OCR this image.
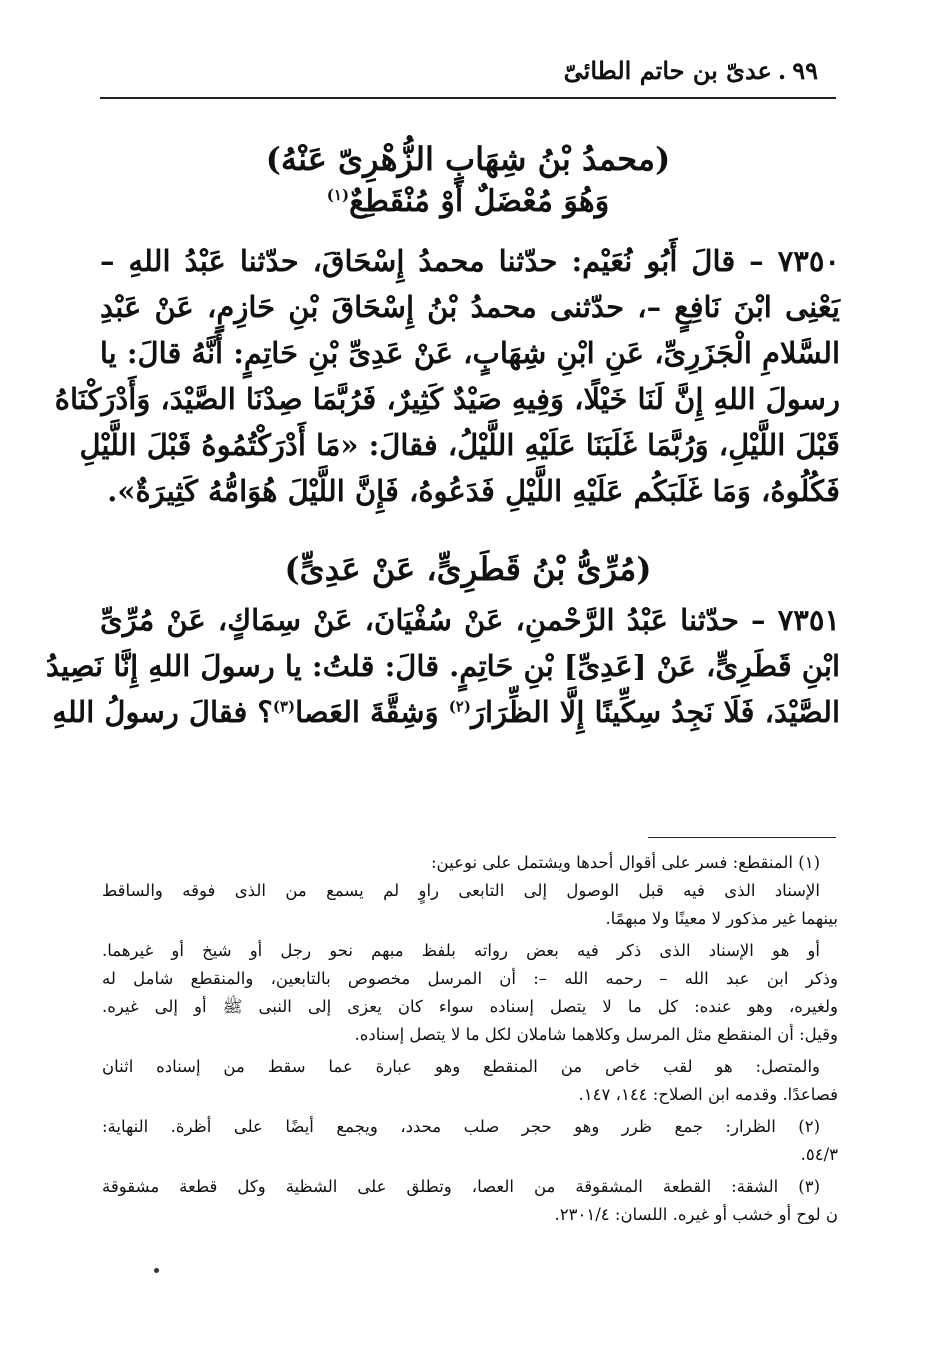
٩٩
.
عدىّ بن حاتم الطائىّ
(محمدُ بْنُ شِهَابٍ الزُّهْرِىّ عَنْهُ)
وَهُوَ مُعْضَلٌ أَوْ مُنْقَطِعٌ$^{(١)}$
٧٣٥٠ – قالَ أَبُو نُعَيْم: حدّثنا محمدُ إِسْحَاقَ، حدّثنا عَبْدُ اللهِ –
يَعْنِى ابْنَ نَافِعٍ –، حدّثنى محمدُ بْنُ إِسْحَاقَ بْنِ حَازِمٍ، عَنْ عَبْدِ
السَّلامِ الْجَزَرِىِّ، عَنِ ابْنِ شِهَابٍ، عَنْ عَدِىِّ بْنِ حَاتِمٍ: أَنَّهُ قالَ: يا
رسولَ اللهِ إِنَّ لَنَا خَيْلًا، وَفِيهِ صَيْدٌ كَثِيرٌ، فَرُبَّمَا صِدْنَا الصَّيْدَ، وَأَدْرَكْنَاهُ
قَبْلَ اللَّيْلِ، وَرُبَّمَا غَلَبَنَا عَلَيْهِ اللَّيْلُ، فقالَ: «مَا أَدْرَكْتُمُوهُ قَبْلَ اللَّيْلِ
فَكُلُوهُ، وَمَا غَلَبَكُم عَلَيْهِ اللَّيْلِ فَدَعُوهُ، فَإِنَّ اللَّيْلَ هُوَامُّهُ كَثِيرَةٌ».
(مُرِّىُّ بْنُ قَطَرِىٍّ، عَنْ عَدِىٍّ)
٧٣٥١ – حدّثنا عَبْدُ الرَّحْمنِ، عَنْ سُفْيَانَ، عَنْ سِمَاكٍ، عَنْ مُرِّىِّ
ابْنِ قَطَرِىٍّ، عَنْ [عَدِىِّ] بْنِ حَاتِمٍ. قالَ: قلتُ: يا رسولَ اللهِ إِنَّا نَصِيدُ
الصَّيْدَ، فَلَا نَجِدُ سِكِّينًا إِلَّا الظِّرَارَ$^{(٢)}$ وَشِقَّةَ العَصا$^{(٣)}$؟ فقالَ رسولُ اللهِ
(١) المنقطع: فسر على أقوال أحدها ويشتمل على نوعين:
الإسناد الذى فيه قبل الوصول إلى التابعى راوٍ لم يسمع من الذى فوقه والساقط
بينهما غير مذكور لا معينًا ولا مبهمًا.
أو هو الإسناد الذى ذكر فيه بعض رواته بلفظ مبهم نحو رجل أو شيخ أو غيرهما.
وذكر ابن عبد الله – رحمه الله –: أن المرسل مخصوص بالتابعين، والمنقطع شامل له
ولغيره، وهو عنده: كل ما لا يتصل إسناده سواء كان يعزى إلى النبى ﷺ أو إلى غيره.
وقيل: أن المنقطع مثل المرسل وكلاهما شاملان لكل ما لا يتصل إسناده.
والمتصل: هو لقب خاص من المنقطع وهو عبارة عما سقط من إسناده اثنان
فصاعدًا. وقدمه ابن الصلاح: ١٤٤، ١٤٧.
(٢) الظرار: جمع ظرر وهو حجر صلب محدد، ويجمع أيضًا على أظرة. النهاية:
٥٤/٣.
(٣) الشقة: القطعة المشقوقة من العصا، وتطلق على الشظية وكل قطعة مشقوقة
ن لوح أو خشب أو غيره. اللسان: ٢٣٠١/٤.
